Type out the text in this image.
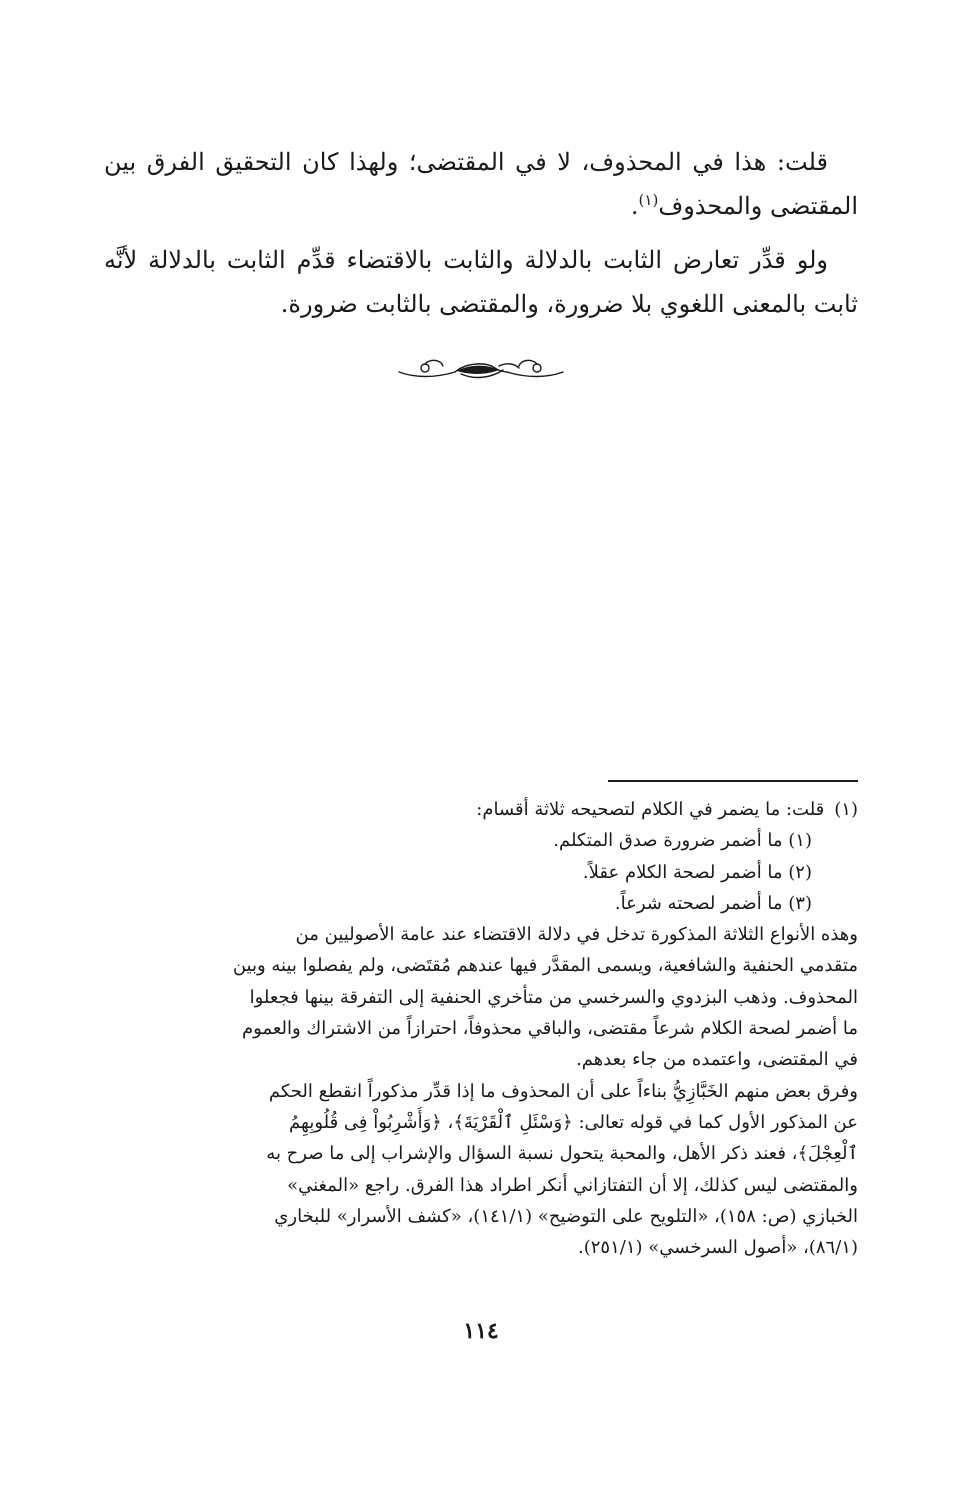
قلت: هذا في المحذوف، لا في المقتضى؛ ولهذا كان التحقيق الفرق بين المقتضى والمحذوف$^{(١)}$.

ولو قدِّر تعارض الثابت بالدلالة والثابت بالاقتضاء قدِّم الثابت بالدلالة لأنَّه ثابت بالمعنى اللغوي بلا ضرورة، والمقتضى بالثابت ضرورة.

(١)
قلت: ما يضمر في الكلام لتصحيحه ثلاثة أقسام:
(١) ما أضمر ضرورة صدق المتكلم.
(٢) ما أضمر لصحة الكلام عقلاً.
(٣) ما أضمر لصحته شرعاً.
وهذه الأنواع الثلاثة المذكورة تدخل في دلالة الاقتضاء عند عامة الأصوليين من
متقدمي الحنفية والشافعية، ويسمى المقدَّر فيها عندهم مُقتَضى، ولم يفصلوا بينه وبين
المحذوف. وذهب البزدوي والسرخسي من متأخري الحنفية إلى التفرقة بينها فجعلوا
ما أضمر لصحة الكلام شرعاً مقتضى، والباقي محذوفاً، احترازاً من الاشتراك والعموم
في المقتضى، واعتمده من جاء بعدهم.
وفرق بعض منهم الخَبَّازِيُّ بناءاً على أن المحذوف ما إذا قدِّر مذكوراً انقطع الحكم
عن المذكور الأول كما في قوله تعالى: ﴿وَسْئَلِ ٱلْقَرْيَةَ﴾، ﴿وَأُشْرِبُواْ فِى قُلُوبِهِمُ
ٱلْعِجْلَ﴾، فعند ذكر الأهل، والمحبة يتحول نسبة السؤال والإشراب إلى ما صرح به
والمقتضى ليس كذلك، إلا أن التفتازاني أنكر اطراد هذا الفرق. راجع «المغني»
الخبازي (ص: ١٥٨)، «التلويح على التوضيح» (١٤١/١)، «كشف الأسرار» للبخاري
(٨٦/١)، «أصول السرخسي» (٢٥١/١).
١١٤
